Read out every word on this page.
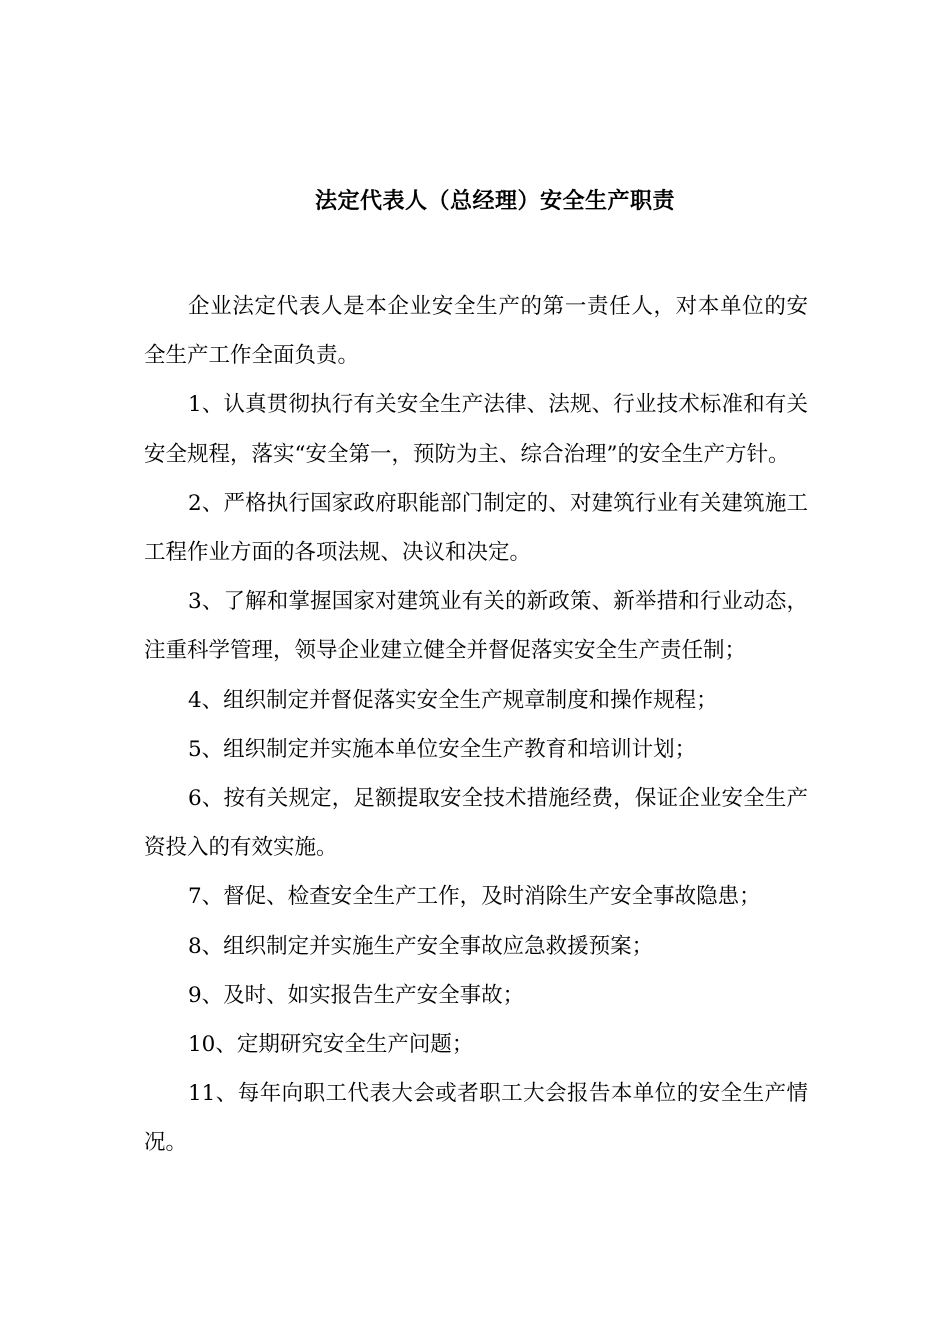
法定代表人（总经理）安全生产职责

企业法定代表人是本企业安全生产的第一责任人，对本单位的安全生产工作全面负责。

1、认真贯彻执行有关安全生产法律、法规、行业技术标准和有关安全规程，落实“安全第一，预防为主、综合治理”的安全生产方针。

2、严格执行国家政府职能部门制定的、对建筑行业有关建筑施工工程作业方面的各项法规、决议和决定。

3、了解和掌握国家对建筑业有关的新政策、新举措和行业动态，注重科学管理，领导企业建立健全并督促落实安全生产责任制；

4、组织制定并督促落实安全生产规章制度和操作规程；

5、组织制定并实施本单位安全生产教育和培训计划；

6、按有关规定，足额提取安全技术措施经费，保证企业安全生产资投入的有效实施。

7、督促、检查安全生产工作，及时消除生产安全事故隐患；

8、组织制定并实施生产安全事故应急救援预案；

9、及时、如实报告生产安全事故；

10、定期研究安全生产问题；

11、每年向职工代表大会或者职工大会报告本单位的安全生产情况。
